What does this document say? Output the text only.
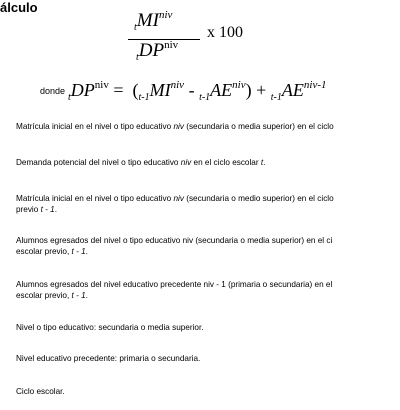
álculo
$_tMI^{niv}$
$_tDP^{niv}$
x 100
donde
$_tDP^{niv} = (_{t-1}MI^{niv} - _{t-1}AE^{niv}) + _{t-1}AE^{niv-1}$
Matrícula inicial en el nivel o tipo educativo niv (secundaria o media superior) en el ciclo
Demanda potencial del nivel o tipo educativo niv en el ciclo escolar t.
Matrícula inicial en el nivel o tipo educativo niv (secundaria o medio superior) en el ciclo
previo t - 1.
Alumnos egresados del nivel o tipo educativo niv (secundaria o media superior) en el ci
escolar previo, t - 1.
Alumnos egresados del nivel educativo precedente niv - 1 (primaria o secundaria) en el
escolar previo, t - 1.
Nivel o tipo educativo: secundaria o media superior.
Nivel educativo precedente: primaria o secundaria.
Ciclo escolar.
